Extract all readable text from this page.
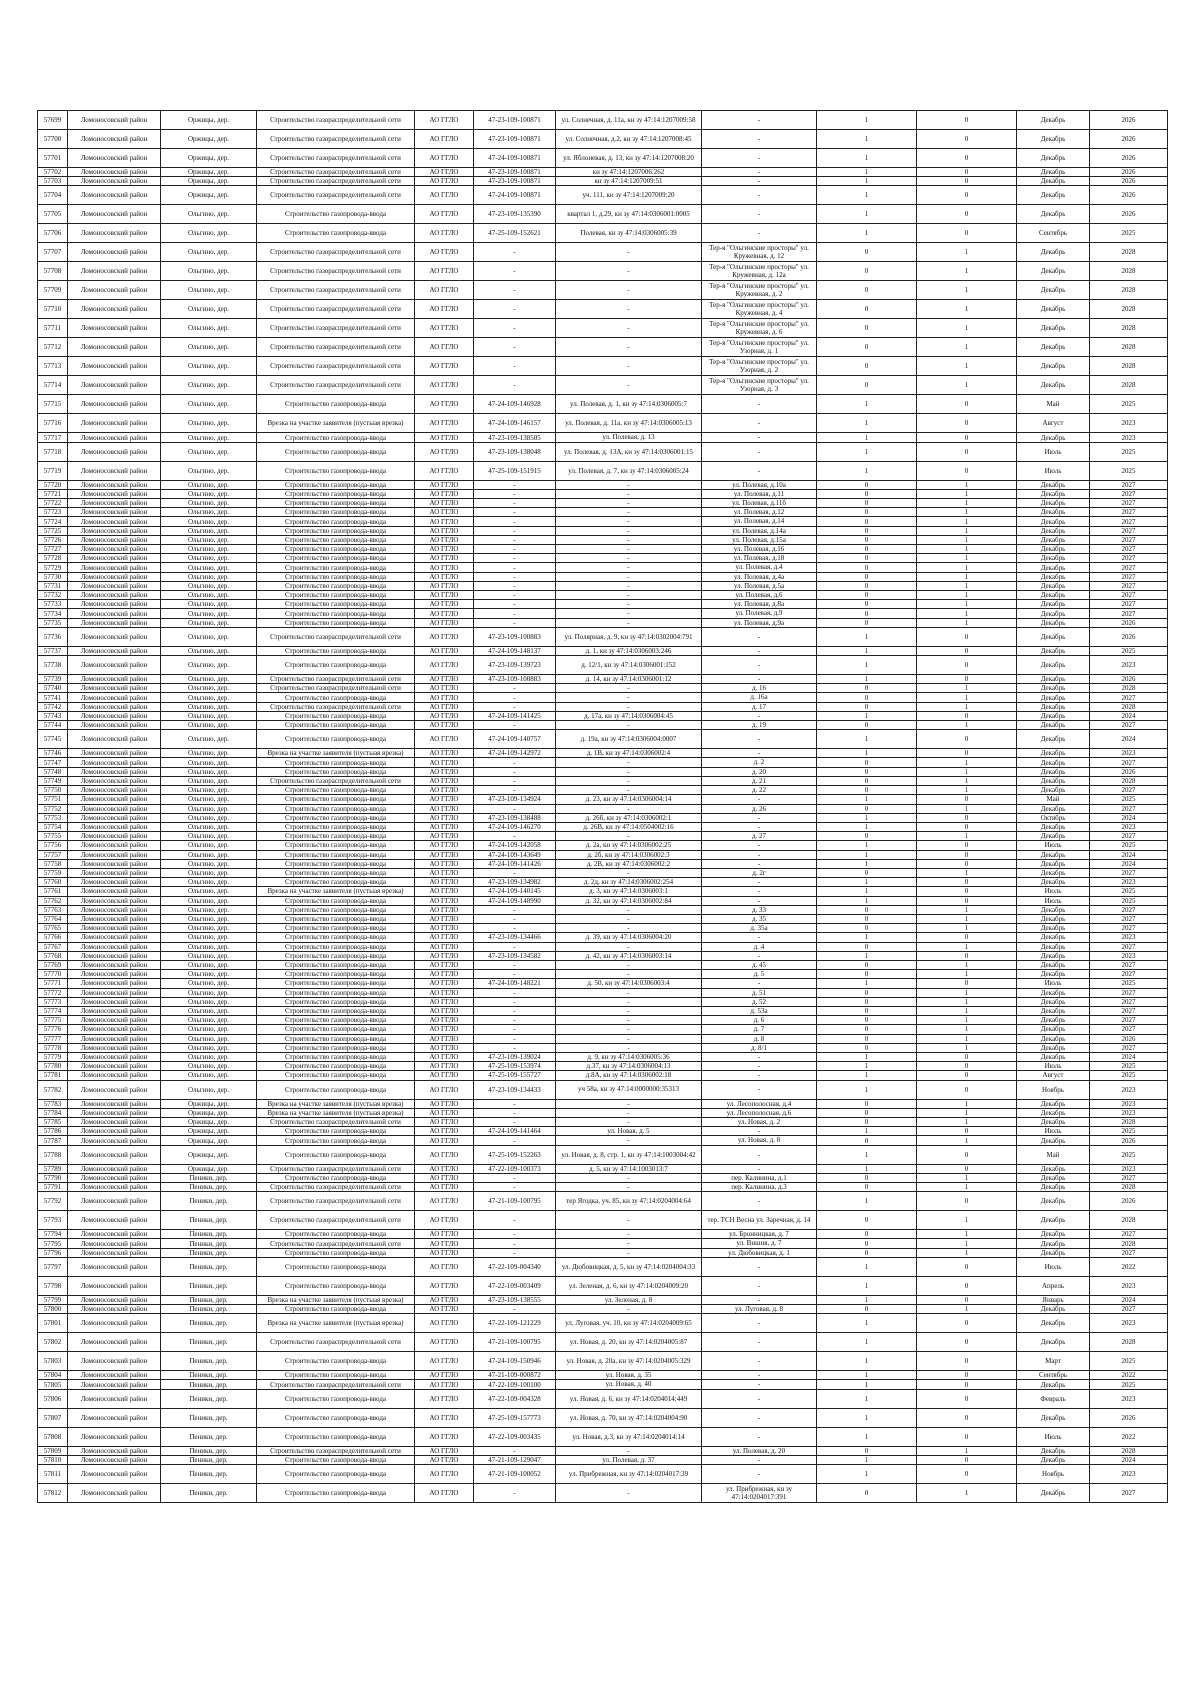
57699	Ломоносовский район	Оржицы, дер.	Строительство газораспределительной сети	АО ГГЛО	47-23-109-100871	ул. Солнечная, д. 11а, кн зу 47:14:1207009:58	-	1	0	Декабрь	2026
57700	Ломоносовский район	Оржицы, дер.	Строительство газораспределительной сети	АО ГГЛО	47-23-109-100871	ул. Солнечная, д.2, кн зу 47:14:1207008:45	-	1	0	Декабрь	2026
57701	Ломоносовский район	Оржицы, дер.	Строительство газораспределительной сети	АО ГГЛО	47-24-109-100871	ул. Яблоневая, д. 13, кн зу 47:14:1207008:20	-	1	0	Декабрь	2026
57702	Ломоносовский район	Оржицы, дер.	Строительство газораспределительной сети	АО ГГЛО	47-23-109-100871	кн зу 47:14:1207006:262	-	1	0	Декабрь	2026
57703	Ломоносовский район	Оржицы, дер.	Строительство газораспределительной сети	АО ГГЛО	47-23-109-100871	кн зу 47:14:1207009:51	-	1	0	Декабрь	2026
57704	Ломоносовский район	Оржицы, дер.	Строительство газораспределительной сети	АО ГГЛО	47-24-109-100871	уч. 111, кн зу 47:14:1207009:20	-	1	0	Декабрь	2026
57705	Ломоносовский район	Ольгино, дер.	Строительство газопровода-ввода	АО ГГЛО	47-23-109-135390	квартал 1, д.29, кн зу 47:14:0306001:0005	-	1	0	Декабрь	2026
57706	Ломоносовский район	Ольгино, дер.	Строительство газопровода-ввода	АО ГГЛО	47-25-109-152621	Полевая, кн зу 47:14:0306005:39	-	1	0	Сентябрь	2025
57707	Ломоносовский район	Ольгино, дер.	Строительство газораспределительной сети	АО ГГЛО	-	-	Тер-я "Ольгинские просторы" ул. Кружевная, д. 12	0	1	Декабрь	2028
57708	Ломоносовский район	Ольгино, дер.	Строительство газораспределительной сети	АО ГГЛО	-	-	Тер-я "Ольгинские просторы" ул. Кружевная, д. 12а	0	1	Декабрь	2028
57709	Ломоносовский район	Ольгино, дер.	Строительство газораспределительной сети	АО ГГЛО	-	-	Тер-я "Ольгинские просторы" ул. Кружевная, д. 2	0	1	Декабрь	2028
57710	Ломоносовский район	Ольгино, дер.	Строительство газораспределительной сети	АО ГГЛО	-	-	Тер-я "Ольгинские просторы" ул. Кружевная, д. 4	0	1	Декабрь	2028
57711	Ломоносовский район	Ольгино, дер.	Строительство газораспределительной сети	АО ГГЛО	-	-	Тер-я "Ольгинские просторы" ул. Кружевная, д. 6	0	1	Декабрь	2028
57712	Ломоносовский район	Ольгино, дер.	Строительство газораспределительной сети	АО ГГЛО	-	-	Тер-я "Ольгинские просторы" ул. Узорная, д. 1	0	1	Декабрь	2028
57713	Ломоносовский район	Ольгино, дер.	Строительство газораспределительной сети	АО ГГЛО	-	-	Тер-я "Ольгинские просторы" ул. Узорная, д. 2	0	1	Декабрь	2028
57714	Ломоносовский район	Ольгино, дер.	Строительство газораспределительной сети	АО ГГЛО	-	-	Тер-я "Ольгинские просторы" ул. Узорная, д. 3	0	1	Декабрь	2028
57715	Ломоносовский район	Ольгино, дер.	Строительство газопровода-ввода	АО ГГЛО	47-24-109-146928	ул. Полевая, д. 1, кн зу 47:14:0306005:7	-	1	0	Май	2025
57716	Ломоносовский район	Ольгино, дер.	Врезка на участке заявителя (пустыая врезка)	АО ГГЛО	47-24-109-146157	ул. Полевая, д. 11а, кн зу 47:14:0306005:13	-	1	0	Август	2023
57717	Ломоносовский район	Ольгино, дер.	Строительство газопровода-ввода	АО ГГЛО	47-23-109-138505	ул. Полевая, д. 13	-	1	0	Декабрь	2023
57718	Ломоносовский район	Ольгино, дер.	Строительство газопровода-ввода	АО ГГЛО	47-23-109-138048	ул. Полевая, д. 13А, кн зу 47:14:0306001:15	-	1	0	Июль	2025
57719	Ломоносовский район	Ольгино, дер.	Строительство газопровода-ввода	АО ГГЛО	47-25-109-151915	ул. Полевая, д. 7, кн зу 47:14:0306005:24	-	1	0	Июль	2025
57720	Ломоносовский район	Ольгино, дер.	Строительство газопровода-ввода	АО ГГЛО	-	-	ул. Полевая, д.10а	0	1	Декабрь	2027
57721	Ломоносовский район	Ольгино, дер.	Строительство газопровода-ввода	АО ГГЛО	-	-	ул. Полевая, д.11	0	1	Декабрь	2027
57722	Ломоносовский район	Ольгино, дер.	Строительство газопровода-ввода	АО ГГЛО	-	-	ул. Полевая, д.11б	0	1	Декабрь	2027
57723	Ломоносовский район	Ольгино, дер.	Строительство газопровода-ввода	АО ГГЛО	-	-	ул. Полевая, д.12	0	1	Декабрь	2027
57724	Ломоносовский район	Ольгино, дер.	Строительство газопровода-ввода	АО ГГЛО	-	-	ул. Полевая, д.14	0	1	Декабрь	2027
57725	Ломоносовский район	Ольгино, дер.	Строительство газопровода-ввода	АО ГГЛО	-	-	ул. Полевая, д.14а	0	1	Декабрь	2027
57726	Ломоносовский район	Ольгино, дер.	Строительство газопровода-ввода	АО ГГЛО	-	-	ул. Полевая, д.15а	0	1	Декабрь	2027
57727	Ломоносовский район	Ольгино, дер.	Строительство газопровода-ввода	АО ГГЛО	-	-	ул. Полевая, д.16	0	1	Декабрь	2027
57728	Ломоносовский район	Ольгино, дер.	Строительство газопровода-ввода	АО ГГЛО	-	-	ул. Полевая, д.18	0	1	Декабрь	2027
57729	Ломоносовский район	Ольгино, дер.	Строительство газопровода-ввода	АО ГГЛО	-	-	ул. Полевая, д.4	0	1	Декабрь	2027
57730	Ломоносовский район	Ольгино, дер.	Строительство газопровода-ввода	АО ГГЛО	-	-	ул. Полевая, д.4а	0	1	Декабрь	2027
57731	Ломоносовский район	Ольгино, дер.	Строительство газопровода-ввода	АО ГГЛО	-	-	ул. Полевая, д.5а	0	1	Декабрь	2027
57732	Ломоносовский район	Ольгино, дер.	Строительство газопровода-ввода	АО ГГЛО	-	-	ул. Полевая, д.6	0	1	Декабрь	2027
57733	Ломоносовский район	Ольгино, дер.	Строительство газопровода-ввода	АО ГГЛО	-	-	ул. Полевая, д.8а	0	1	Декабрь	2027
57734	Ломоносовский район	Ольгино, дер.	Строительство газопровода-ввода	АО ГГЛО	-	-	ул. Полевая, д.9	0	1	Декабрь	2027
57735	Ломоносовский район	Ольгино, дер.	Строительство газопровода-ввода	АО ГГЛО	-	-	ул. Полевая, д.9а	0	1	Декабрь	2026
57736	Ломоносовский район	Ольгино, дер.	Строительство газораспределительной сети	АО ГГЛО	47-23-109-100883	ул. Полярная, д. 9, кн зу 47:14:0302004:791	-	1	0	Декабрь	2026
57737	Ломоносовский район	Ольгино, дер.	Строительство газопровода-ввода	АО ГГЛО	47-24-109-148137	д. 1, кн зу 47:14:0306003:246	-	1	0	Декабрь	2025
57738	Ломоносовский район	Ольгино, дер.	Строительство газопровода-ввода	АО ГГЛО	47-23-109-139723	д. 12/1, кн зу 47:14:0306001:152	-	1	0	Декабрь	2023
57739	Ломоносовский район	Ольгино, дер.	Строительство газораспределительной сети	АО ГГЛО	47-23-109-100883	д. 14, кн зу 47:14:0306001:12	-	1	0	Декабрь	2026
57740	Ломоносовский район	Ольгино, дер.	Строительство газораспределительной сети	АО ГГЛО	-	-	д. 16	0	1	Декабрь	2028
57741	Ломоносовский район	Ольгино, дер.	Строительство газопровода-ввода	АО ГГЛО	-	-	д. 16а	0	1	Декабрь	2027
57742	Ломоносовский район	Ольгино, дер.	Строительство газораспределительной сети	АО ГГЛО	-	-	д. 17	0	1	Декабрь	2028
57743	Ломоносовский район	Ольгино, дер.	Строительство газопровода-ввода	АО ГГЛО	47-24-109-141425	д. 17а, кн зу 47:14:0306004:45	-	1	0	Декабрь	2024
57744	Ломоносовский район	Ольгино, дер.	Строительство газопровода-ввода	АО ГГЛО	-	-	д. 19	0	1	Декабрь	2027
57745	Ломоносовский район	Ольгино, дер.	Строительство газопровода-ввода	АО ГГЛО	47-24-109-140757	д. 19а, кн зу 47:14:0306004:0007	-	1	0	Декабрь	2024
57746	Ломоносовский район	Ольгино, дер.	Врезка на участке заявителя (пустыая врезка)	АО ГГЛО	47-24-109-142972	д. 1В, кн зу 47:14:0306002:4	-	1	0	Декабрь	2023
57747	Ломоносовский район	Ольгино, дер.	Строительство газопровода-ввода	АО ГГЛО	-	-	д. 2	0	1	Декабрь	2027
57748	Ломоносовский район	Ольгино, дер.	Строительство газопровода-ввода	АО ГГЛО	-	-	д. 20	0	1	Декабрь	2026
57749	Ломоносовский район	Ольгино, дер.	Строительство газораспределительной сети	АО ГГЛО	-	-	д. 21	0	1	Декабрь	2028
57750	Ломоносовский район	Ольгино, дер.	Строительство газопровода-ввода	АО ГГЛО	-	-	д. 22	0	1	Декабрь	2027
57751	Ломоносовский район	Ольгино, дер.	Строительство газопровода-ввода	АО ГГЛО	47-23-109-134924	д. 23, кн зу 47:14:0306004:14	-	1	0	Май	2025
57752	Ломоносовский район	Ольгино, дер.	Строительство газопровода-ввода	АО ГГЛО	-	-	д. 26	0	1	Декабрь	2027
57753	Ломоносовский район	Ольгино, дер.	Строительство газопровода-ввода	АО ГГЛО	47-23-109-138488	д. 26б, кн зу 47:14:0306002:1	-	1	0	Октябрь	2024
57754	Ломоносовский район	Ольгино, дер.	Строительство газопровода-ввода	АО ГГЛО	47-24-109-146270	д. 26В, кн зу 47:14:0504002:16	-	1	0	Декабрь	2023
57755	Ломоносовский район	Ольгино, дер.	Строительство газопровода-ввода	АО ГГЛО	-	-	д. 27	0	1	Декабрь	2027
57756	Ломоносовский район	Ольгино, дер.	Строительство газопровода-ввода	АО ГГЛО	47-24-109-142058	д. 2а, кн зу 47:14:0306002:25	-	1	0	Июль	2025
57757	Ломоносовский район	Ольгино, дер.	Строительство газопровода-ввода	АО ГГЛО	47-24-109-143649	д. 2б, кн зу 47:14:0306002:3	-	1	0	Декабрь	2024
57758	Ломоносовский район	Ольгино, дер.	Строительство газопровода-ввода	АО ГГЛО	47-24-109-141426	д. 2В, кн зу 47:14:0306002:2	-	1	0	Декабрь	2024
57759	Ломоносовский район	Ольгино, дер.	Строительство газопровода-ввода	АО ГГЛО	-	-	д. 2г	0	1	Декабрь	2027
57760	Ломоносовский район	Ольгино, дер.	Строительство газопровода-ввода	АО ГГЛО	47-23-109-134982	д. 2д, кн зу 47:14:0306002:254	-	1	0	Декабрь	2023
57761	Ломоносовский район	Ольгино, дер.	Врезка на участке заявителя (пустыая врезка)	АО ГГЛО	47-24-109-140145	д. 3, кн зу 47:14:0306003:1	-	1	0	Июль	2025
57762	Ломоносовский район	Ольгино, дер.	Строительство газопровода-ввода	АО ГГЛО	47-24-109-148990	д. 32, кн зу 47:14:0306002:84	-	1	0	Июль	2025
57763	Ломоносовский район	Ольгино, дер.	Строительство газопровода-ввода	АО ГГЛО	-	-	д. 33	0	1	Декабрь	2027
57764	Ломоносовский район	Ольгино, дер.	Строительство газопровода-ввода	АО ГГЛО	-	-	д. 35	0	1	Декабрь	2027
57765	Ломоносовский район	Ольгино, дер.	Строительство газопровода-ввода	АО ГГЛО	-	-	д. 35а	0	1	Декабрь	2027
57766	Ломоносовский район	Ольгино, дер.	Строительство газопровода-ввода	АО ГГЛО	47-23-109-134466	д. 39, кн зу 47:14:0306004:20	-	1	0	Декабрь	2023
57767	Ломоносовский район	Ольгино, дер.	Строительство газопровода-ввода	АО ГГЛО	-	-	д. 4	0	1	Декабрь	2027
57768	Ломоносовский район	Ольгино, дер.	Строительство газопровода-ввода	АО ГГЛО	47-23-109-134582	д. 42, кн зу 47:14:0306003:14	-	1	0	Декабрь	2023
57769	Ломоносовский район	Ольгино, дер.	Строительство газопровода-ввода	АО ГГЛО	-	-	д. 45	0	1	Декабрь	2027
57770	Ломоносовский район	Ольгино, дер.	Строительство газопровода-ввода	АО ГГЛО	-	-	д. 5	0	1	Декабрь	2027
57771	Ломоносовский район	Ольгино, дер.	Строительство газопровода-ввода	АО ГГЛО	47-24-109-148221	д. 50, кн зу 47:14:0306003:4	-	1	0	Июль	2025
57772	Ломоносовский район	Ольгино, дер.	Строительство газопровода-ввода	АО ГГЛО	-	-	д. 51	0	1	Декабрь	2027
57773	Ломоносовский район	Ольгино, дер.	Строительство газопровода-ввода	АО ГГЛО	-	-	д. 52	0	1	Декабрь	2027
57774	Ломоносовский район	Ольгино, дер.	Строительство газопровода-ввода	АО ГГЛО	-	-	д. 53а	0	1	Декабрь	2027
57775	Ломоносовский район	Ольгино, дер.	Строительство газопровода-ввода	АО ГГЛО	-	-	д. 6	0	1	Декабрь	2027
57776	Ломоносовский район	Ольгино, дер.	Строительство газопровода-ввода	АО ГГЛО	-	-	д. 7	0	1	Декабрь	2027
57777	Ломоносовский район	Ольгино, дер.	Строительство газопровода-ввода	АО ГГЛО	-	-	д. 8	0	1	Декабрь	2026
57778	Ломоносовский район	Ольгино, дер.	Строительство газопровода-ввода	АО ГГЛО	-	-	д. 8/1	0	1	Декабрь	2027
57779	Ломоносовский район	Ольгино, дер.	Строительство газопровода-ввода	АО ГГЛО	47-23-109-139024	д. 9, кн зу 47:14:0306005:36	-	1	0	Декабрь	2024
57780	Ломоносовский район	Ольгино, дер.	Строительство газопровода-ввода	АО ГГЛО	47-25-109-153974	д.37, кн зу 47:14:0306004:13	-	1	0	Июль	2025
57781	Ломоносовский район	Ольгино, дер.	Строительство газопровода-ввода	АО ГГЛО	47-25-109-155727	д.8А, кн зу 47:14:0306002:18	-	1	0	Август	2025
57782	Ломоносовский район	Ольгино, дер.	Строительство газопровода-ввода	АО ГГЛО	47-23-109-134433	уч 58а, кн зу 47:14:0000000:35313	-	1	0	Ноябрь	2023
57783	Ломоносовский район	Оржицы, дер.	Врезка на участке заявителя (пустыая врезка)	АО ГГЛО	-	-	ул. Лесополосная, д.4	0	1	Декабрь	2023
57784	Ломоносовский район	Оржицы, дер.	Врезка на участке заявителя (пустыая врезка)	АО ГГЛО	-	-	ул. Лесополосная, д.6	0	1	Декабрь	2023
57785	Ломоносовский район	Оржицы, дер.	Строительство газораспределительной сети	АО ГГЛО	-	-	ул. Новая, д. 2	0	1	Декабрь	2028
57786	Ломоносовский район	Оржицы, дер.	Строительство газопровода-ввода	АО ГГЛО	47-24-109-141464	ул. Новая, д. 5	-	1	0	Июль	2025
57787	Ломоносовский район	Оржицы, дер.	Строительство газопровода-ввода	АО ГГЛО	-	-	ул. Новая, д. 8	0	1	Декабрь	2026
57788	Ломоносовский район	Оржицы, дер.	Строительство газопровода-ввода	АО ГГЛО	47-25-109-152263	ул. Новая, д. 8, стр. 1, кн зу 47:14:1003004:42	-	1	0	Май	2025
57789	Ломоносовский район	Оржицы, дер.	Строительство газораспределительной сети	АО ГГЛО	47-22-109-100373	д. 5, кн зу 47:14:1003013:7	-	1	0	Декабрь	2023
57790	Ломоносовский район	Пеники, дер.	Строительство газопровода-ввода	АО ГГЛО	-	-	пер. Калинина, д.1	0	1	Декабрь	2027
57791	Ломоносовский район	Пеники, дер.	Строительство газораспределительной сети	АО ГГЛО	-	-	пер. Калинина, д.3	0	1	Декабрь	2028
57792	Ломоносовский район	Пеники, дер.	Строительство газораспределительной сети	АО ГГЛО	47-21-109-100795	тер Ягодка, уч. 85, кн зу 47:14:0204004:64	-	1	0	Декабрь	2026
57793	Ломоносовский район	Пеники, дер.	Строительство газораспределительной сети	АО ГГЛО	-	-	тер. ТСН Весна ул. Заречная, д. 14	0	1	Декабрь	2028
57794	Ломоносовский район	Пеники, дер.	Строительство газопровода-ввода	АО ГГЛО	-	-	ул. Бронницкая, д. 7	0	1	Декабрь	2027
57795	Ломоносовский район	Пеники, дер.	Строительство газораспределительной сети	АО ГГЛО	-	-	ул. Вишня, д. 7	0	1	Декабрь	2028
57796	Ломоносовский район	Пеники, дер.	Строительство газопровода-ввода	АО ГГЛО	-	-	ул. Дюбовицкая, д. 1	0	1	Декабрь	2027
57797	Ломоносовский район	Пеники, дер.	Строительство газопровода-ввода	АО ГГЛО	47-22-109-004340	ул. Дюбовицкая, д. 5, кн зу 47:14:0204004:33	-	1	0	Июль	2022
57798	Ломоносовский район	Пеники, дер.	Строительство газопровода-ввода	АО ГГЛО	47-22-109-003409	ул. Зеленая, д. 6, кн зу 47:14:0204009:20	-	1	0	Апрель	2023
57799	Ломоносовский район	Пеники, дер.	Врезка на участке заявителя (пустыая врезка)	АО ГГЛО	47-23-109-138555	ул. Зеленая, д. 8	-	1	0	Январь	2024
57800	Ломоносовский район	Пеники, дер.	Строительство газопровода-ввода	АО ГГЛО	-	-	ул. Луговая, д. 8	0	1	Декабрь	2027
57801	Ломоносовский район	Пеники, дер.	Врезка на участке заявителя (пустыая врезка)	АО ГГЛО	47-22-109-121229	ул. Луговая, уч. 10, кн зу 47:14:0204009:65	-	1	0	Декабрь	2023
57802	Ломоносовский район	Пеники, дер.	Строительство газораспределительной сети	АО ГГЛО	47-21-109-100795	ул. Новая, д. 20, кн зу 47:14:0204005:87	-	1	0	Декабрь	2028
57803	Ломоносовский район	Пеники, дер.	Строительство газопровода-ввода	АО ГГЛО	47-24-109-150946	ул. Новая, д. 20а, кн зу 47:14:0204005:329	-	1	0	Март	2025
57804	Ломоносовский район	Пеники, дер.	Строительство газопровода-ввода	АО ГГЛО	47-21-109-000872	ул. Новая, д. 35	-	1	0	Сентябрь	2022
57805	Ломоносовский район	Пеники, дер.	Строительство газораспределительной сети	АО ГГЛО	47-22-109-100100	ул. Новая, д. 40	-	1	0	Декабрь	2025
57806	Ломоносовский район	Пеники, дер.	Строительство газопровода-ввода	АО ГГЛО	47-22-109-004328	ул. Новая, д. 6, кн зу 47:14:0204014:449	-	1	0	Февраль	2023
57807	Ломоносовский район	Пеники, дер.	Строительство газопровода-ввода	АО ГГЛО	47-25-109-157773	ул. Новая, д. 70, кн зу 47:14:0204004:90	-	1	0	Декабрь	2026
57808	Ломоносовский район	Пеники, дер.	Строительство газопровода-ввода	АО ГГЛО	47-22-109-003435	ул. Новая, д.3, кн зу 47:14:0204014:14	-	1	0	Июль	2022
57809	Ломоносовский район	Пеники, дер.	Строительство газораспределительной сети	АО ГГЛО	-	-	ул. Полевая, д. 20	0	1	Декабрь	2028
57810	Ломоносовский район	Пеники, дер.	Строительство газопровода-ввода	АО ГГЛО	47-21-109-129047	ул. Полевая, д. 37	-	1	0	Декабрь	2024
57811	Ломоносовский район	Пеники, дер.	Строительство газопровода-ввода	АО ГГЛО	47-21-109-100052	ул. Прибрежная, кн зу 47:14:0204017:39	-	1	0	Ноябрь	2023
57812	Ломоносовский район	Пеники, дер.	Строительство газопровода-ввода	АО ГГЛО	-	-	ул. Прибрежная, кн зу 47:14:0204017:391	0	1	Декабрь	2027
